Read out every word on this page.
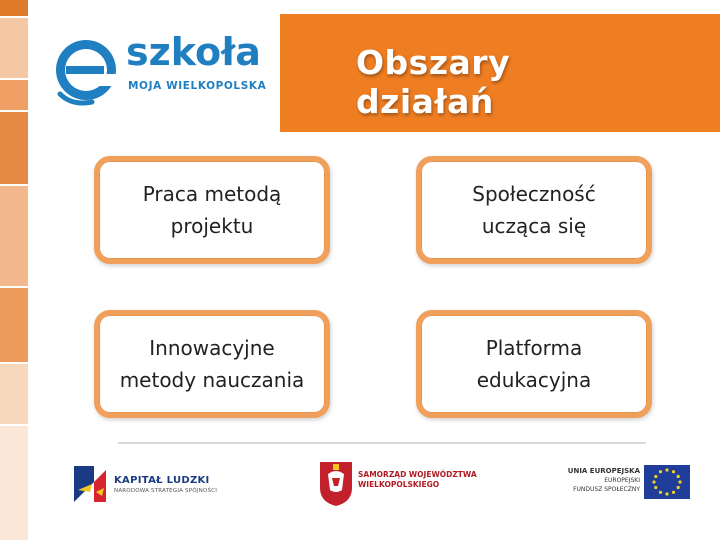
Obszary działań
szkoła
MOJA WIELKOPOLSKA
Praca metodą
projektu
Społeczność
ucząca się
Innowacyjne
metody nauczania
Platforma
edukacyjna
KAPITAŁ LUDZKI
NARODOWA STRATEGIA SPÓJNOŚCI
SAMORZĄD WOJEWÓDZTWA
WIELKOPOLSKIEGO
UNIA EUROPEJSKA
EUROPEJSKI
FUNDUSZ SPOŁECZNY
